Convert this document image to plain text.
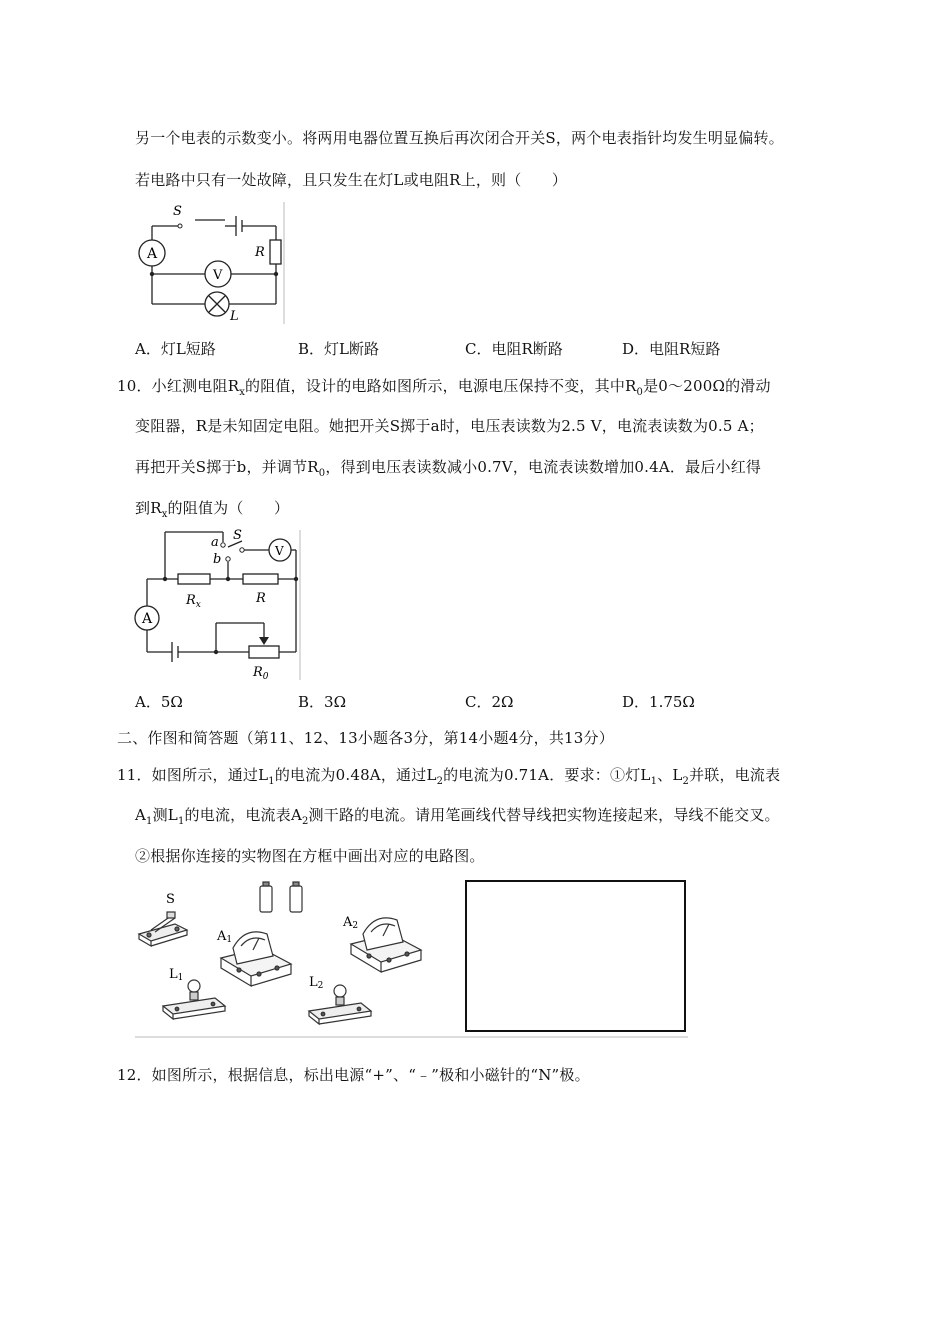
另一个电表的示数变小。将两用电器位置互换后再次闭合开关S，两个电表指针均发生明显偏转。
若电路中只有一处故障，且只发生在灯L或电阻R上，则（　　）
S
A
V
R
L
A．灯L短路	B．灯L断路	C．电阻R断路	D．电阻R短路
10．小红测电阻$R_x$的阻值，设计的电路如图所示，电源电压保持不变，其中$R_0$是0～200Ω的滑动
变阻器，R是未知固定电阻。她把开关S掷于a时，电压表读数为2.5 V，电流表读数为0.5 A；
再把开关S掷于b，并调节$R_0$，得到电压表读数减小0.7V，电流表读数增加0.4A．最后小红得
到$R_x$的阻值为（　　）
a
b
S
V
A
$R_x$	R
$R_0$
A．5Ω	B．3Ω	C．2Ω	D．1.75Ω
二、作图和简答题（第11、12、13小题各3分，第14小题4分，共13分）
11．如图所示，通过$L_1$的电流为0.48A，通过$L_2$的电流为0.71A．要求：①灯$L_1$、$L_2$并联，电流表
$A_1$测$L_1$的电流，电流表$A_2$测干路的电流。请用笔画线代替导线把实物连接起来，导线不能交叉。
②根据你连接的实物图在方框中画出对应的电路图。
S
A1
A2
L1	L2
12．如图所示，根据信息，标出电源“+”、“﹣”极和小磁针的“N”极。
